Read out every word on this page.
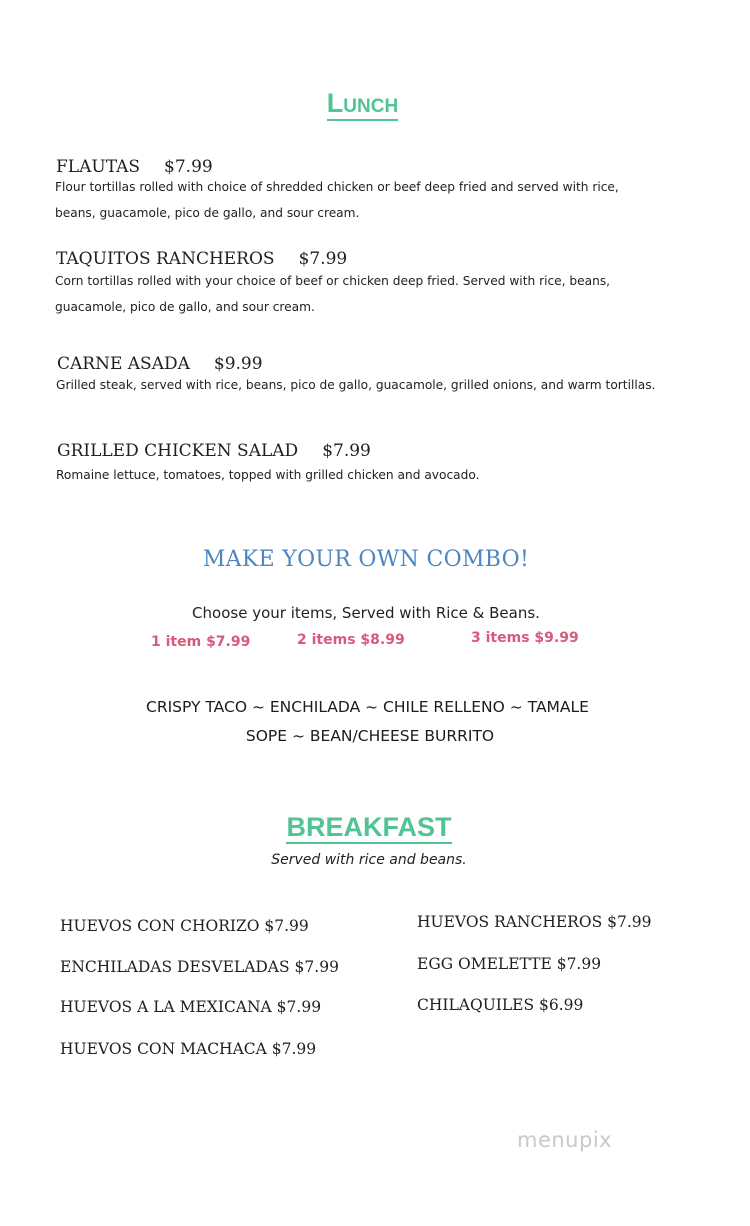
Lunch
FLAUTAS $7.99
Flour tortillas rolled with choice of shredded chicken or beef deep fried and served with rice,
beans, guacamole, pico de gallo, and sour cream.
TAQUITOS RANCHEROS $7.99
Corn tortillas rolled with your choice of beef or chicken deep fried. Served with rice, beans,
guacamole, pico de gallo, and sour cream.
CARNE ASADA $9.99
Grilled steak, served with rice, beans, pico de gallo, guacamole, grilled onions, and warm tortillas.
GRILLED CHICKEN SALAD $7.99
Romaine lettuce, tomatoes, topped with grilled chicken and avocado.
MAKE YOUR OWN COMBO!
Choose your items, Served with Rice & Beans.
1 item $7.99	2 items $8.99	3 items $9.99
CRISPY TACO ~ ENCHILADA ~ CHILE RELLENO ~ TAMALE
SOPE ~ BEAN/CHEESE BURRITO
BREAKFAST
Served with rice and beans.
HUEVOS CON CHORIZO $7.99
ENCHILADAS DESVELADAS $7.99
HUEVOS A LA MEXICANA $7.99
HUEVOS CON MACHACA $7.99
HUEVOS RANCHEROS $7.99
EGG OMELETTE $7.99
CHILAQUILES $6.99
menupix
